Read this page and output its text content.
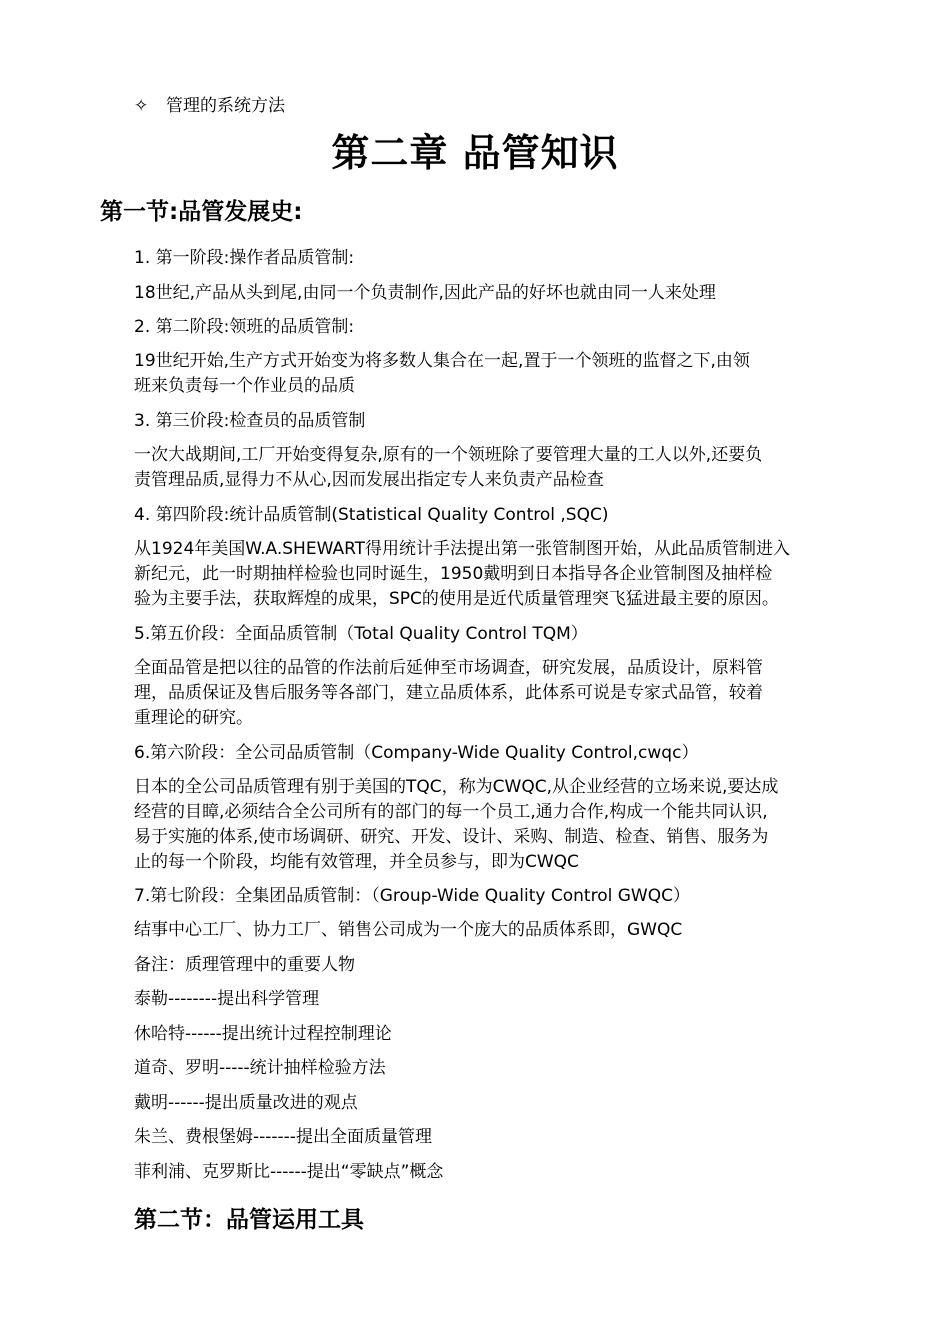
✧ 管理的系统方法
第二章 品管知识
第一节:品管发展史:
1. 第一阶段:操作者品质管制:
18世纪,产品从头到尾,由同一个负责制作,因此产品的好坏也就由同一人来处理
2. 第二阶段:领班的品质管制:
19世纪开始,生产方式开始变为将多数人集合在一起,置于一个领班的监督之下,由领
班来负责每一个作业员的品质
3. 第三价段:检查员的品质管制
一次大战期间,工厂开始变得复杂,原有的一个领班除了要管理大量的工人以外,还要负
责管理品质,显得力不从心,因而发展出指定专人来负责产品检查
4. 第四阶段:统计品质管制(Statistical Quality Control ,SQC)
从1924年美国W.A.SHEWART得用统计手法提出第一张管制图开始，从此品质管制进入
新纪元，此一时期抽样检验也同时诞生，1950戴明到日本指导各企业管制图及抽样检
验为主要手法，获取辉煌的成果，SPC的使用是近代质量管理突飞猛进最主要的原因。
5.第五价段：全面品质管制（Total Quality Control TQM）
全面品管是把以往的品管的作法前后延伸至市场调查，研究发展，品质设计，原料管
理，品质保证及售后服务等各部门，建立品质体系，此体系可说是专家式品管，较着
重理论的研究。
6.第六阶段：全公司品质管制（Company-Wide Quality Control,cwqc）
日本的全公司品质管理有别于美国的TQC，称为CWQC,从企业经营的立场来说,要达成
经营的目瞕,必须结合全公司所有的部门的每一个员工,通力合作,构成一个能共同认识,
易于实施的体系,使市场调研、研究、开发、设计、采购、制造、检查、销售、服务为
止的每一个阶段，均能有效管理，并全员参与，即为CWQC
7.第七阶段：全集团品质管制：（Group-Wide Quality Control GWQC）
结事中心工厂、协力工厂、销售公司成为一个庞大的品质体系即，GWQC
备注：质理管理中的重要人物
泰勒--------提出科学管理
休哈特------提出统计过程控制理论
道奇、罗明-----统计抽样检验方法
戴明------提出质量改进的观点
朱兰、费根堡姆-------提出全面质量管理
菲利浦、克罗斯比------提出“零缺点”概念
第二节：品管运用工具
